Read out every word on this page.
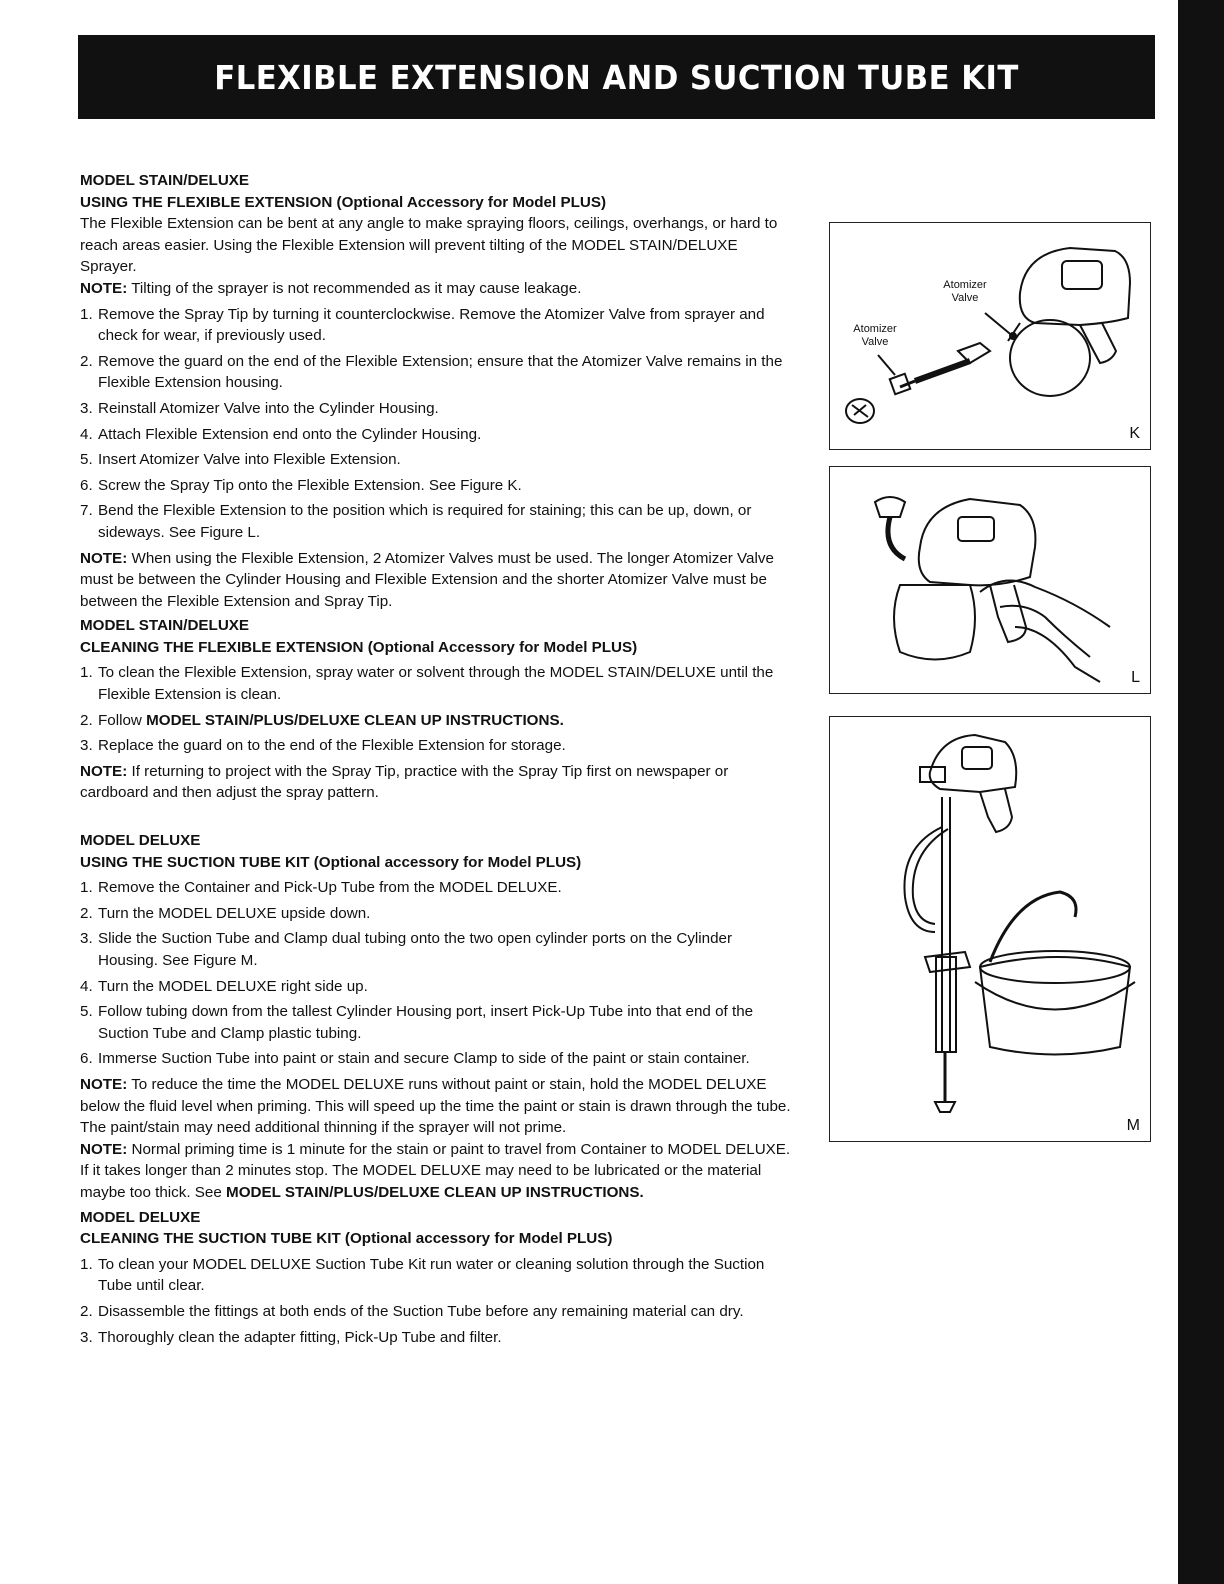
FLEXIBLE EXTENSION AND SUCTION TUBE KIT

MODEL STAIN/DELUXE

USING THE FLEXIBLE EXTENSION (Optional Accessory for Model PLUS)

The Flexible Extension can be bent at any angle to make spraying floors, ceilings, overhangs, or hard to reach areas easier. Using the Flexible Extension will prevent tilting of the MODEL STAIN/DELUXE Sprayer.

NOTE: Tilting of the sprayer is not recommended as it may cause leakage.

1. Remove the Spray Tip by turning it counterclockwise. Remove the Atomizer Valve from sprayer and check for wear, if previously used.
2. Remove the guard on the end of the Flexible Extension; ensure that the Atomizer Valve remains in the Flexible Extension housing.
3. Reinstall Atomizer Valve into the Cylinder Housing.
4. Attach Flexible Extension end onto the Cylinder Housing.
5. Insert Atomizer Valve into Flexible Extension.
6. Screw the Spray Tip onto the Flexible Extension. See Figure K.
7. Bend the Flexible Extension to the position which is required for staining; this can be up, down, or sideways. See Figure L.

NOTE: When using the Flexible Extension, 2 Atomizer Valves must be used. The longer Atomizer Valve must be between the Cylinder Housing and Flexible Extension and the shorter Atomizer Valve must be between the Flexible Extension and Spray Tip.

MODEL STAIN/DELUXE

CLEANING THE FLEXIBLE EXTENSION (Optional Accessory for Model PLUS)

1. To clean the Flexible Extension, spray water or solvent through the MODEL STAIN/DELUXE until the Flexible Extension is clean.
2. Follow MODEL STAIN/PLUS/DELUXE CLEAN UP INSTRUCTIONS.
3. Replace the guard on to the end of the Flexible Extension for storage.

NOTE: If returning to project with the Spray Tip, practice with the Spray Tip first on newspaper or cardboard and then adjust the spray pattern.

MODEL DELUXE

USING THE SUCTION TUBE KIT (Optional accessory for Model PLUS)

1. Remove the Container and Pick-Up Tube from the MODEL DELUXE.
2. Turn the MODEL DELUXE upside down.
3. Slide the Suction Tube and Clamp dual tubing onto the two open cylinder ports on the Cylinder Housing. See Figure M.
4. Turn the MODEL DELUXE right side up.
5. Follow tubing down from the tallest Cylinder Housing port, insert Pick-Up Tube into that end of the Suction Tube and Clamp plastic tubing.
6. Immerse Suction Tube into paint or stain and secure Clamp to side of the paint or stain container.

NOTE: To reduce the time the MODEL DELUXE runs without paint or stain, hold the MODEL DELUXE below the fluid level when priming. This will speed up the time the paint or stain is drawn through the tube. The paint/stain may need additional thinning if the sprayer will not prime.

NOTE: Normal priming time is 1 minute for the stain or paint to travel from Container to MODEL DELUXE. If it takes longer than 2 minutes stop. The MODEL DELUXE may need to be lubricated or the material maybe too thick. See MODEL STAIN/PLUS/DELUXE CLEAN UP INSTRUCTIONS.

MODEL DELUXE

CLEANING THE SUCTION TUBE KIT (Optional accessory for Model PLUS)

1. To clean your MODEL DELUXE Suction Tube Kit run water or cleaning solution through the Suction Tube until clear.
2. Disassemble the fittings at both ends of the Suction Tube before any remaining material can dry.
3. Thoroughly clean the adapter fitting, Pick-Up Tube and filter.
Atomizer Valve
Atomizer Valve
K
L
M
